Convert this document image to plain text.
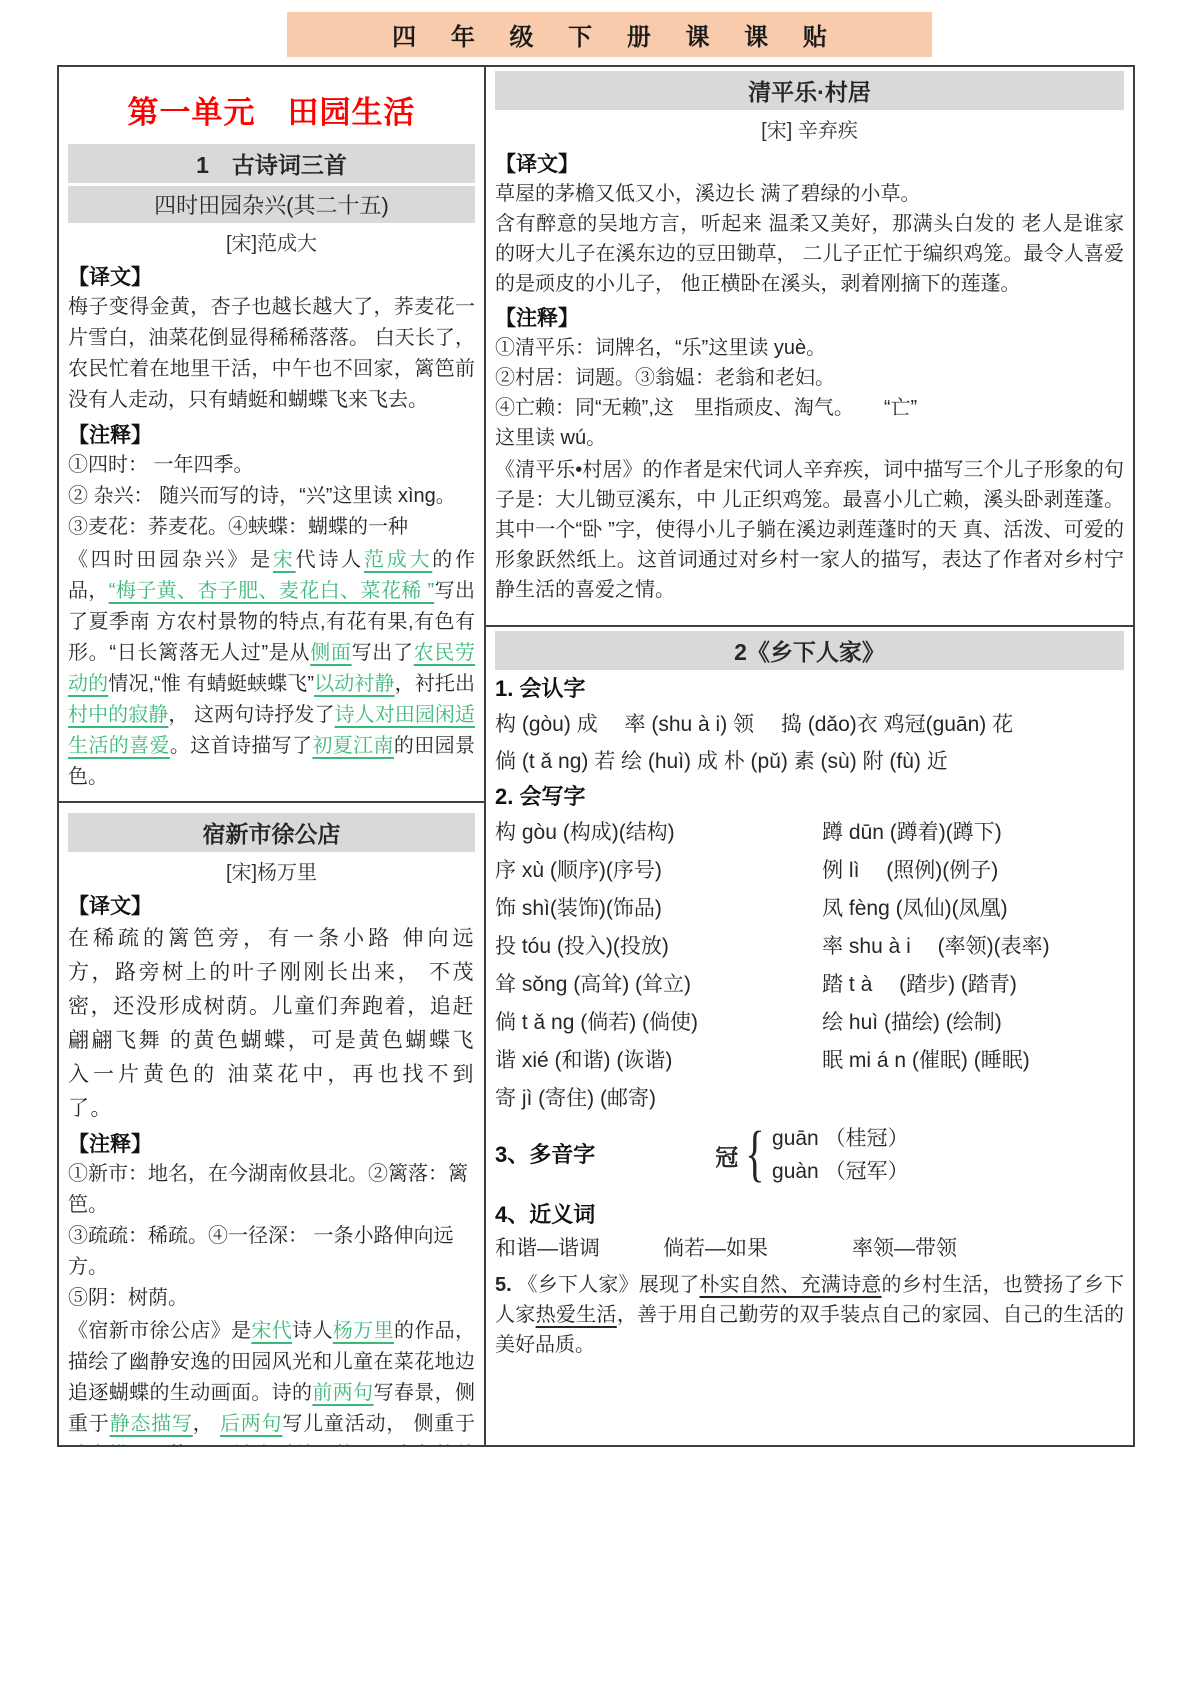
四 年 级 下 册 课 课 贴
第一单元　田园生活
1　古诗词三首
四时田园杂兴(其二十五)
[宋]范成大
【译文】
梅子变得金黄，杏子也越长越大了，荞麦花一片雪白，油菜花倒显得稀稀落落。 白天长了，农民忙着在地里干活，中午也不回家，篱笆前没有人走动，只有蜻蜓和蝴蝶飞来飞去。
【注释】
①四时： 一年四季。
② 杂兴： 随兴而写的诗，“兴”这里读 xìng。
③麦花：荞麦花。④蛱蝶：蝴蝶的一种
《四时田园杂兴》是宋代诗人范成大的作品，“梅子黄、杏子肥、麦花白、菜花稀 ”写出了夏季南 方农村景物的特点,有花有果,有色有形。“日长篱落无人过”是从侧面写出了农民劳动的情况,“惟 有蜻蜓蛱蝶飞”以动衬静，衬托出村中的寂静， 这两句诗抒发了诗人对田园闲适生活的喜爱。这首诗描写了初夏江南的田园景色。
宿新市徐公店
[宋]杨万里
【译文】
在稀疏的篱笆旁，有一条小路 伸向远方，路旁树上的叶子刚刚长出来， 不茂密，还没形成树荫。儿童们奔跑着，追赶翩翩飞舞 的黄色蝴蝶，可是黄色蝴蝶飞入一片黄色的 油菜花中，再也找不到了。
【注释】
①新市：地名，在今湖南攸县北。②篱落：篱笆。
③疏疏：稀疏。④一径深： 一条小路伸向远方。
⑤阴：树荫。
《宿新市徐公店》是宋代诗人杨万里的作品，描绘了幽静安逸的田园风光和儿童在菜花地边追逐蝴蝶的生动画面。诗的前两句写春景，侧重于静态描写， 后两句写儿童活动， 侧重于
清平乐·村居
[宋] 辛弃疾
【译文】
草屋的茅檐又低又小，溪边长 满了碧绿的小草。
含有醉意的吴地方言，听起来 温柔又美好，那满头白发的 老人是谁家的呀大儿子在溪东边的豆田锄草， 二儿子正忙于编织鸡笼。最令人喜爱的是顽皮的小儿子， 他正横卧在溪头，剥着刚摘下的莲蓬。
【注释】
①清平乐：词牌名，“乐”这里读 yuè。
②村居：词题。③翁媪：老翁和老妇。
④亡赖：同“无赖”,这　里指顽皮、淘气。　　“亡”
这里读 wú。
《清平乐•村居》的作者是宋代词人辛弃疾，词中描写三个儿子形象的句子是：大儿锄豆溪东，中 儿正织鸡笼。最喜小儿亡赖，溪头卧剥莲蓬。其中一个“卧 ”字，使得小儿子躺在溪边剥莲蓬时的天 真、活泼、可爱的形象跃然纸上。这首词通过对乡村一家人的描写，表达了作者对乡村宁静生活的喜爱之情。
2《乡下人家》
1. 会认字
构 (gòu) 成　 率 (shu à i) 领　 捣 (dǎo)衣 鸡冠(guān) 花
倘 (t ǎ ng) 若 绘 (huì) 成 朴 (pǔ) 素 (sù) 附 (fù) 近
2. 会写字
构 gòu (构成)(结构)	蹲 dūn (蹲着)(蹲下)
序 xù (顺序)(序号)	例 lì　 (照例)(例子)
饰 shì(装饰)(饰品)	凤 fèng (凤仙)(凤凰)
投 tóu (投入)(投放)	率 shu à i　 (率领)(表率)
耸 sǒng (高耸) (耸立)	踏 t à　 (踏步) (踏青)
倘 t ǎ ng (倘若) (倘使)	绘 huì (描绘) (绘制)
谐 xié (和谐) (诙谐)	眠 mi á n (催眠) (睡眠)
寄 jì (寄住) (邮寄)
3、多音字	冠 { guān （桂冠）
guàn （冠军）
4、近义词
和谐—谐调　　　倘若—如果　　　　率领—带领
5. 《乡下人家》展现了朴实自然、充满诗意的乡村生活，也赞扬了乡下人家热爱生活，善于用自己勤劳的双手装点自己的家园、自己的生活的美好品质。
